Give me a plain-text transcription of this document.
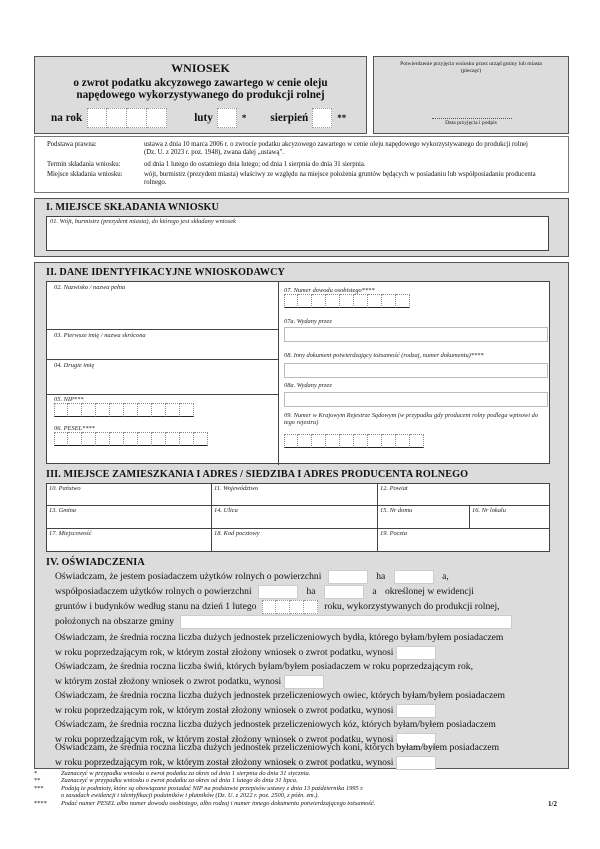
WNIOSEK
o zwrot podatku akcyzowego zawartego w cenie oleju
napędowego wykorzystywanego do produkcji rolnej
na rok	luty	* sierpień	**
Potwierdzenie przyjęcia wniosku przez urząd gminy lub miasta (pieczęć)
Data przyjęcia i podpis
Podstawa prawna:	ustawa z dnia 10 marca 2006 r. o zwrocie podatku akcyzowego zawartego w cenie oleju napędowego wykorzystywanego do produkcji rolnej (Dz. U. z 2023 r. poz. 1948), zwana dalej „ustawą".
Termin składania wniosku:	od dnia 1 lutego do ostatniego dnia lutego; od dnia 1 sierpnia do dnia 31 sierpnia.
Miejsce składania wniosku:	wójt, burmistrz (prezydent miasta) właściwy ze względu na miejsce położenia gruntów będących w posiadaniu lub współposiadaniu producenta rolnego.
I. MIEJSCE SKŁADANIA WNIOSKU
01. Wójt, burmistrz (prezydent miasta), do którego jest składany wniosek
II. DANE IDENTYFIKACYJNE WNIOSKODAWCY
02. Nazwisko / nazwa pełna
03. Pierwsze imię / nazwa skrócona
04. Drugie imię
05. NIP***
06. PESEL****
07. Numer dowodu osobistego****
07a. Wydany przez
08. Inny dokument potwierdzający tożsamość (rodzaj, numer dokumentu)****
08a. Wydany przez
09. Numer w Krajowym Rejestrze Sądowym (w przypadku gdy producent rolny podlega wpisowi do tego rejestru)
III. MIEJSCE ZAMIESZKANIA I ADRES / SIEDZIBA I ADRES PRODUCENTA ROLNEGO
10. Państwo	11. Województwo	12. Powiat
13. Gmina	14. Ulica	15. Nr domu	16. Nr lokalu
17. Miejscowość	18. Kod pocztowy	19. Poczta
IV. OŚWIADCZENIA
Oświadczam, że jestem posiadaczem użytków rolnych o powierzchni	ha	a,
współposiadaczem użytków rolnych o powierzchni	ha	a określonej w ewidencji
gruntów i budynków według stanu na dzień 1 lutego	roku, wykorzystywanych do produkcji rolnej,
położonych na obszarze gminy
Oświadczam, że średnia roczna liczba dużych jednostek przeliczeniowych bydła, którego byłam/byłem posiadaczem
w roku poprzedzającym rok, w którym został złożony wniosek o zwrot podatku, wynosi
Oświadczam, że średnia roczna liczba świń, których byłam/byłem posiadaczem w roku poprzedzającym rok,
w którym został złożony wniosek o zwrot podatku, wynosi
Oświadczam, że średnia roczna liczba dużych jednostek przeliczeniowych owiec, których byłam/byłem posiadaczem
w roku poprzedzającym rok, w którym został złożony wniosek o zwrot podatku, wynosi
Oświadczam, że średnia roczna liczba dużych jednostek przeliczeniowych kóz, których byłam/byłem posiadaczem
w roku poprzedzającym rok, w którym został złożony wniosek o zwrot podatku, wynosi
Oświadczam, że średnia roczna liczba dużych jednostek przeliczeniowych koni, których byłam/byłem posiadaczem
w roku poprzedzającym rok, w którym został złożony wniosek o zwrot podatku, wynosi
*	Zaznaczyć w przypadku wniosku o zwrot podatku za okres od dnia 1 sierpnia do dnia 31 stycznia.
**	Zaznaczyć w przypadku wniosku o zwrot podatku za okres od dnia 1 lutego do dnia 31 lipca.
***	Podają te podmioty, które są obowiązane posiadać NIP na podstawie przepisów ustawy z dnia 13 października 1995 r.
o zasadach ewidencji i identyfikacji podatników i płatników (Dz. U. z 2022 r. poz. 2500, z późn. zm.).
****	Podać numer PESEL albo numer dowodu osobistego, albo rodzaj i numer innego dokumentu potwierdzającego tożsamość.	1/2
